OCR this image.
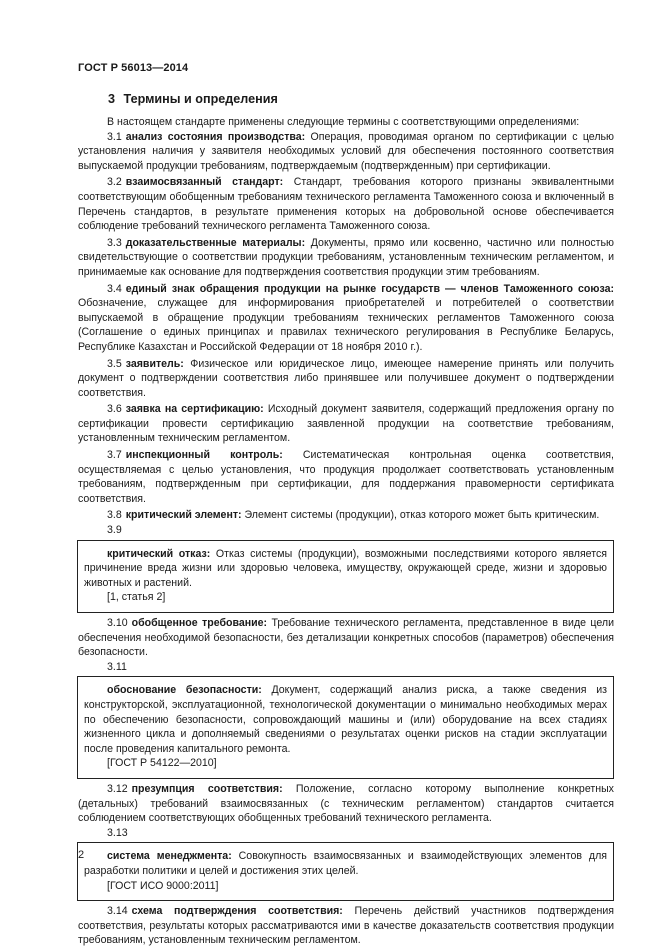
ГОСТ Р 56013—2014
3 Термины и определения

В настоящем стандарте применены следующие термины с соответствующими определениями:

3.1 анализ состояния производства: Операция, проводимая органом по сертификации с целью установления наличия у заявителя необходимых условий для обеспечения постоянного соответствия выпускаемой продукции требованиям, подтверждаемым (подтвержденным) при сертификации.

3.2 взаимосвязанный стандарт: Стандарт, требования которого признаны эквивалентными соответствующим обобщенным требованиям технического регламента Таможенного союза и включенный в Перечень стандартов, в результате применения которых на добровольной основе обеспечивается соблюдение требований технического регламента Таможенного союза.

3.3 доказательственные материалы: Документы, прямо или косвенно, частично или полностью свидетельствующие о соответствии продукции требованиям, установленным техническим регламентом, и принимаемые как основание для подтверждения соответствия продукции этим требованиям.

3.4 единый знак обращения продукции на рынке государств — членов Таможенного союза: Обозначение, служащее для информирования приобретателей и потребителей о соответствии выпускаемой в обращение продукции требованиям технических регламентов Таможенного союза (Соглашение о единых принципах и правилах технического регулирования в Республике Беларусь, Республике Казахстан и Российской Федерации от 18 ноября 2010 г.).

3.5 заявитель: Физическое или юридическое лицо, имеющее намерение принять или получить документ о подтверждении соответствия либо принявшее или получившее документ о подтверждении соответствия.

3.6 заявка на сертификацию: Исходный документ заявителя, содержащий предложения органу по сертификации провести сертификацию заявленной продукции на соответствие требованиям, установленным техническим регламентом.

3.7 инспекционный контроль: Систематическая контрольная оценка соответствия, осуществляемая с целью установления, что продукция продолжает соответствовать установленным требованиям, подтвержденным при сертификации, для поддержания правомерности сертификата соответствия.

3.8 критический элемент: Элемент системы (продукции), отказ которого может быть критическим.

3.9

критический отказ: Отказ системы (продукции), возможными последствиями которого является причинение вреда жизни или здоровью человека, имуществу, окружающей среде, жизни и здоровью животных и растений.

[1, статья 2]

3.10 обобщенное требование: Требование технического регламента, представленное в виде цели обеспечения необходимой безопасности, без детализации конкретных способов (параметров) обеспечения безопасности.

3.11

обоснование безопасности: Документ, содержащий анализ риска, а также сведения из конструкторской, эксплуатационной, технологической документации о минимально необходимых мерах по обеспечению безопасности, сопровождающий машины и (или) оборудование на всех стадиях жизненного цикла и дополняемый сведениями о результатах оценки рисков на стадии эксплуатации после проведения капитального ремонта.

[ГОСТ Р 54122—2010]

3.12 презумпция соответствия: Положение, согласно которому выполнение конкретных (детальных) требований взаимосвязанных (с техническим регламентом) стандартов считается соблюдением соответствующих обобщенных требований технического регламента.

3.13

система менеджмента: Совокупность взаимосвязанных и взаимодействующих элементов для разработки политики и целей и достижения этих целей.

[ГОСТ ИСО 9000:2011]

3.14 схема подтверждения соответствия: Перечень действий участников подтверждения соответствия, результаты которых рассматриваются ими в качестве доказательств соответствия продукции требованиям, установленным техническим регламентом.

2
